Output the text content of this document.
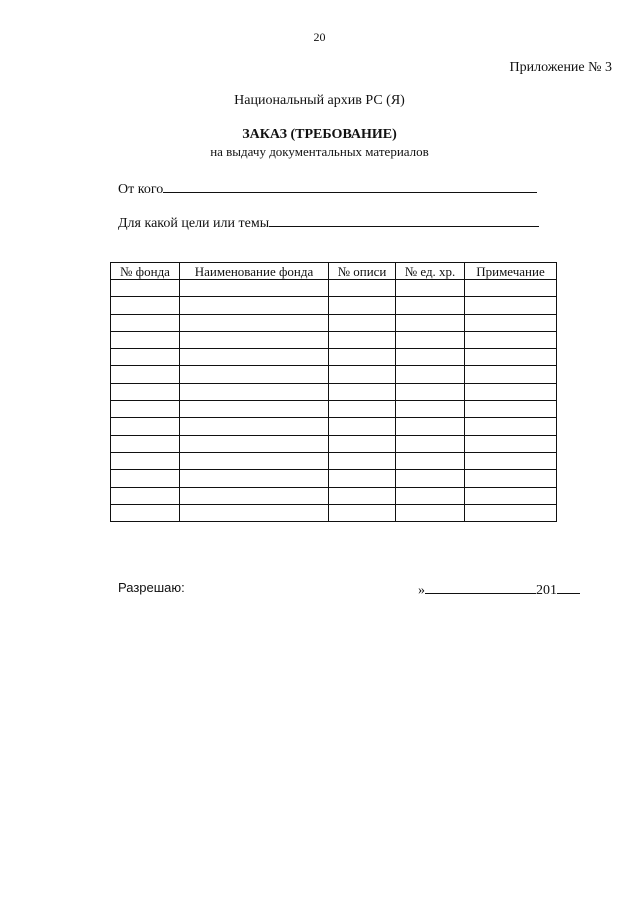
20
Приложение № 3
Национальный архив РС (Я)
ЗАКАЗ (ТРЕБОВАНИЕ)
на выдачу документальных материалов
От кого
Для какой цели или темы
№ фонда	Наименование фонда	№ описи	№ ед. хр.	Примечание

Разрешаю:	»	201
